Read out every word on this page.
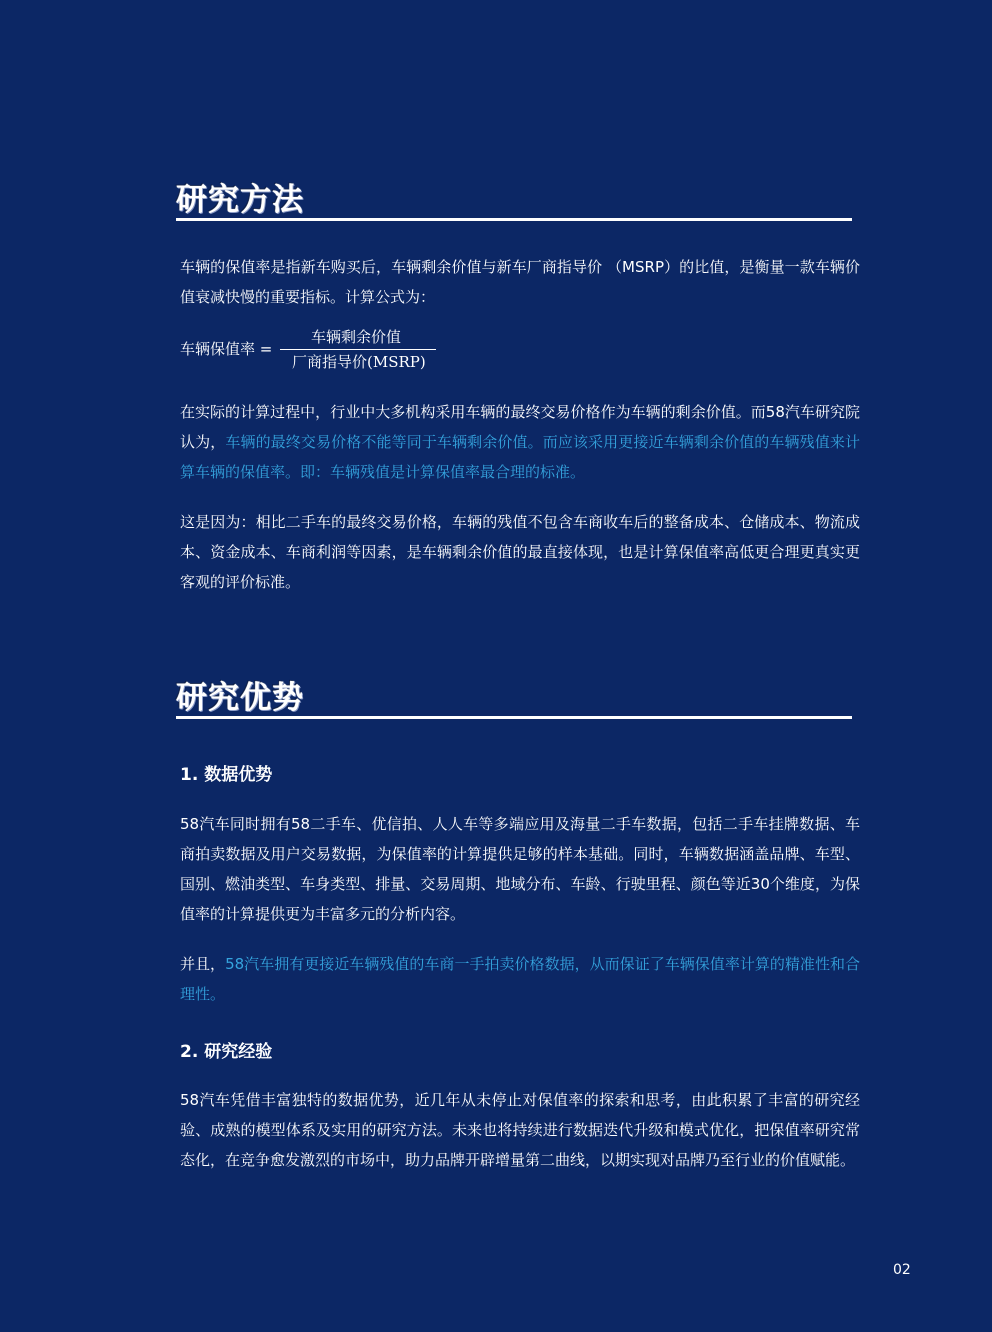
研究方法

车辆的保值率是指新车购买后，车辆剩余价值与新车厂商指导价 （MSRP）的比值，是衡量一款车辆价值衰减快慢的重要指标。计算公式为：

车辆保值率 =
车辆剩余价值
厂商指导价(MSRP)

在实际的计算过程中，行业中大多机构采用车辆的最终交易价格作为车辆的剩余价值。而58汽车研究院认为，车辆的最终交易价格不能等同于车辆剩余价值。而应该采用更接近车辆剩余价值的车辆残值来计算车辆的保值率。即：车辆残值是计算保值率最合理的标准。

这是因为：相比二手车的最终交易价格，车辆的残值不包含车商收车后的整备成本、仓储成本、物流成本、资金成本、车商利润等因素，是车辆剩余价值的最直接体现，也是计算保值率高低更合理更真实更客观的评价标准。

研究优势
1. 数据优势

58汽车同时拥有58二手车、优信拍、人人车等多端应用及海量二手车数据，包括二手车挂牌数据、车商拍卖数据及用户交易数据，为保值率的计算提供足够的样本基础。同时，车辆数据涵盖品牌、车型、国别、燃油类型、车身类型、排量、交易周期、地域分布、车龄、行驶里程、颜色等近30个维度，为保值率的计算提供更为丰富多元的分析内容。

并且，58汽车拥有更接近车辆残值的车商一手拍卖价格数据，从而保证了车辆保值率计算的精准性和合理性。

2. 研究经验

58汽车凭借丰富独特的数据优势，近几年从未停止对保值率的探索和思考，由此积累了丰富的研究经验、成熟的模型体系及实用的研究方法。未来也将持续进行数据迭代升级和模式优化，把保值率研究常态化，在竞争愈发激烈的市场中，助力品牌开辟增量第二曲线，以期实现对品牌乃至行业的价值赋能。

02
